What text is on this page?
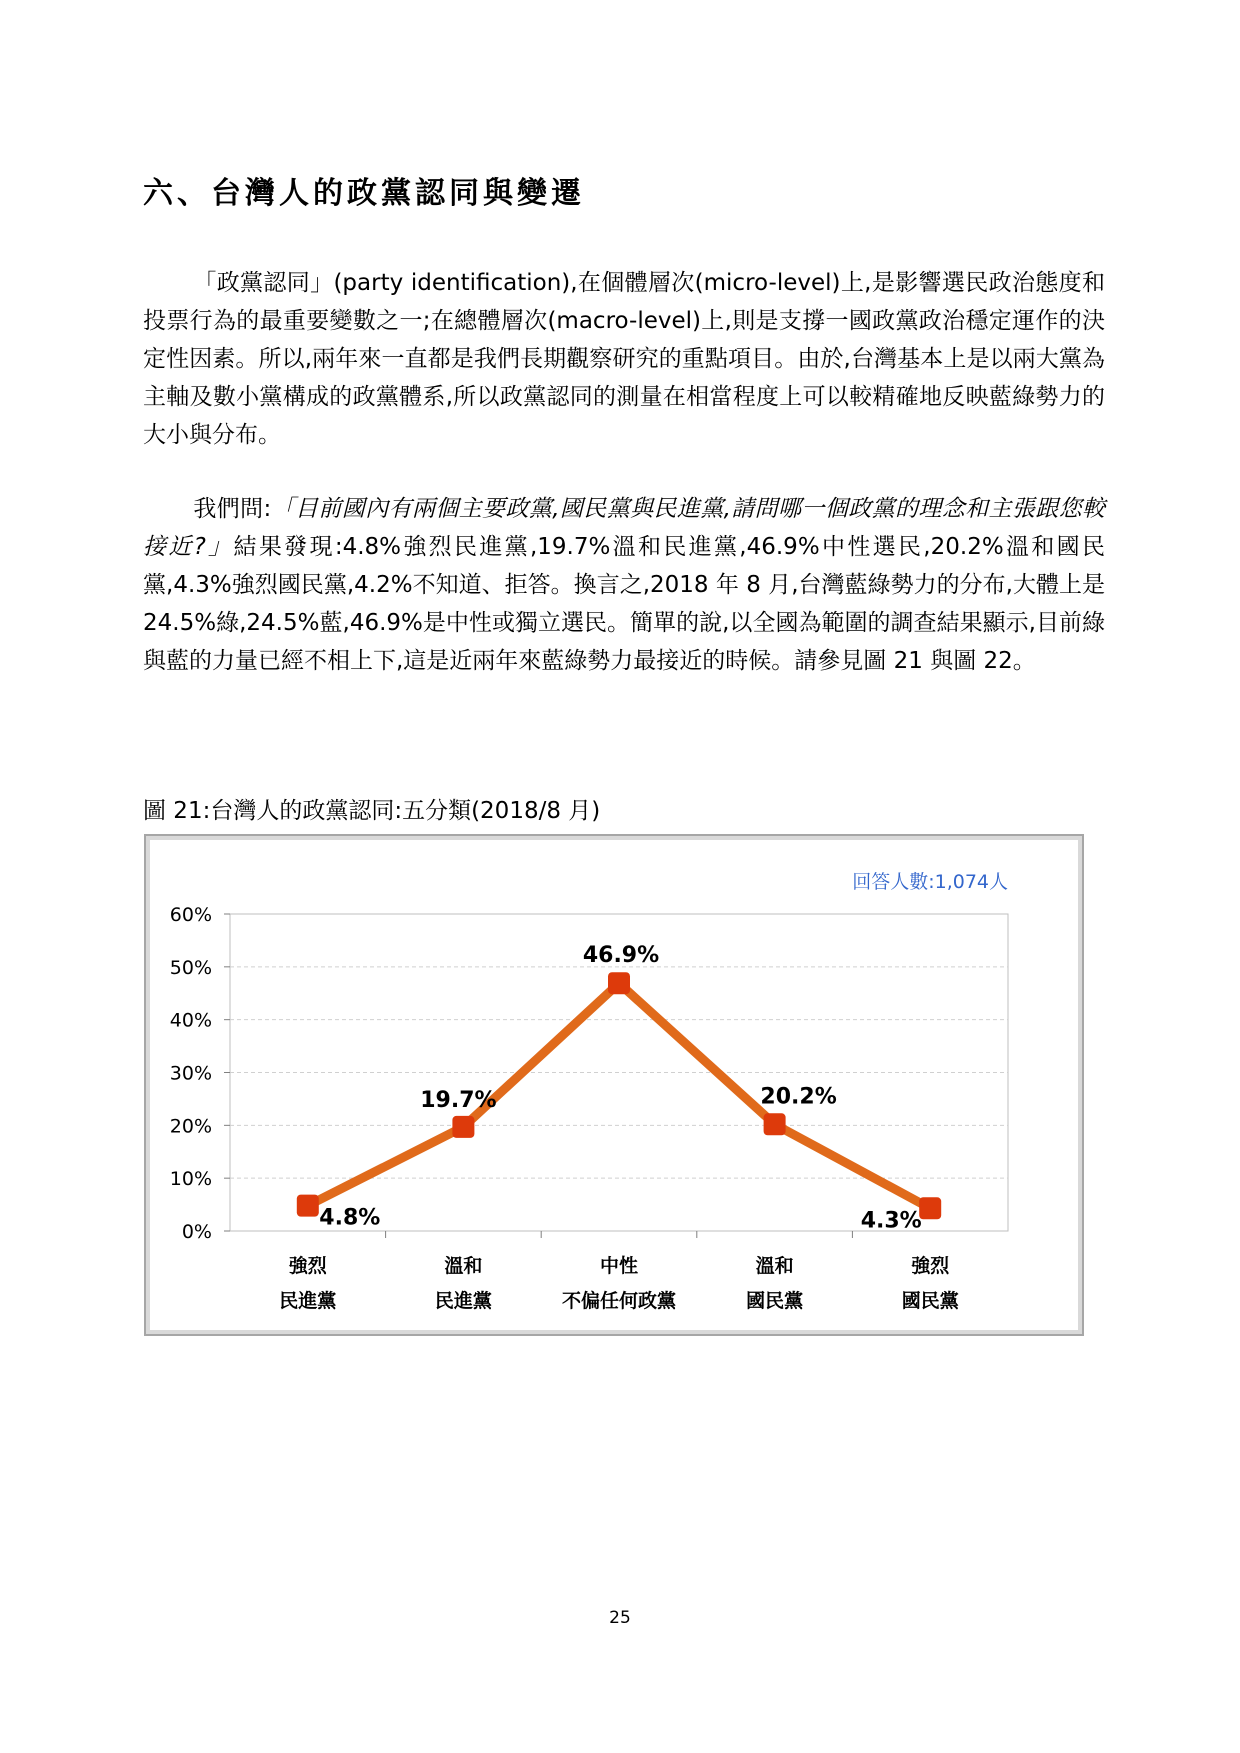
六、台灣人的政黨認同與變遷

「政黨認同」(party identification),在個體層次(micro-level)上,是影響選民政治態度和投票行為的最重要變數之一;在總體層次(macro-level)上,則是支撐一國政黨政治穩定運作的決定性因素。所以,兩年來一直都是我們長期觀察研究的重點項目。由於,台灣基本上是以兩大黨為主軸及數小黨構成的政黨體系,所以政黨認同的測量在相當程度上可以較精確地反映藍綠勢力的大小與分布。

我們問:「目前國內有兩個主要政黨,國民黨與民進黨,請問哪一個政黨的理念和主張跟您較接近?」結果發現:4.8%強烈民進黨,19.7%溫和民進黨,46.9%中性選民,20.2%溫和國民黨,4.3%強烈國民黨,4.2%不知道、拒答。換言之,2018 年 8 月,台灣藍綠勢力的分布,大體上是 24.5%綠,24.5%藍,46.9%是中性或獨立選民。簡單的說,以全國為範圍的調查結果顯示,目前綠與藍的力量已經不相上下,這是近兩年來藍綠勢力最接近的時候。請參見圖 21 與圖 22。

圖 21:台灣人的政黨認同:五分類(2018/8 月)

0%
10%
20%
30%
40%
50%
60%
4.8%
19.7%
46.9%
20.2%
4.3%
強烈
民進黨
溫和
民進黨
中性
不偏任何政黨
溫和
國民黨
強烈
國民黨
回答人數:1,074人
25
